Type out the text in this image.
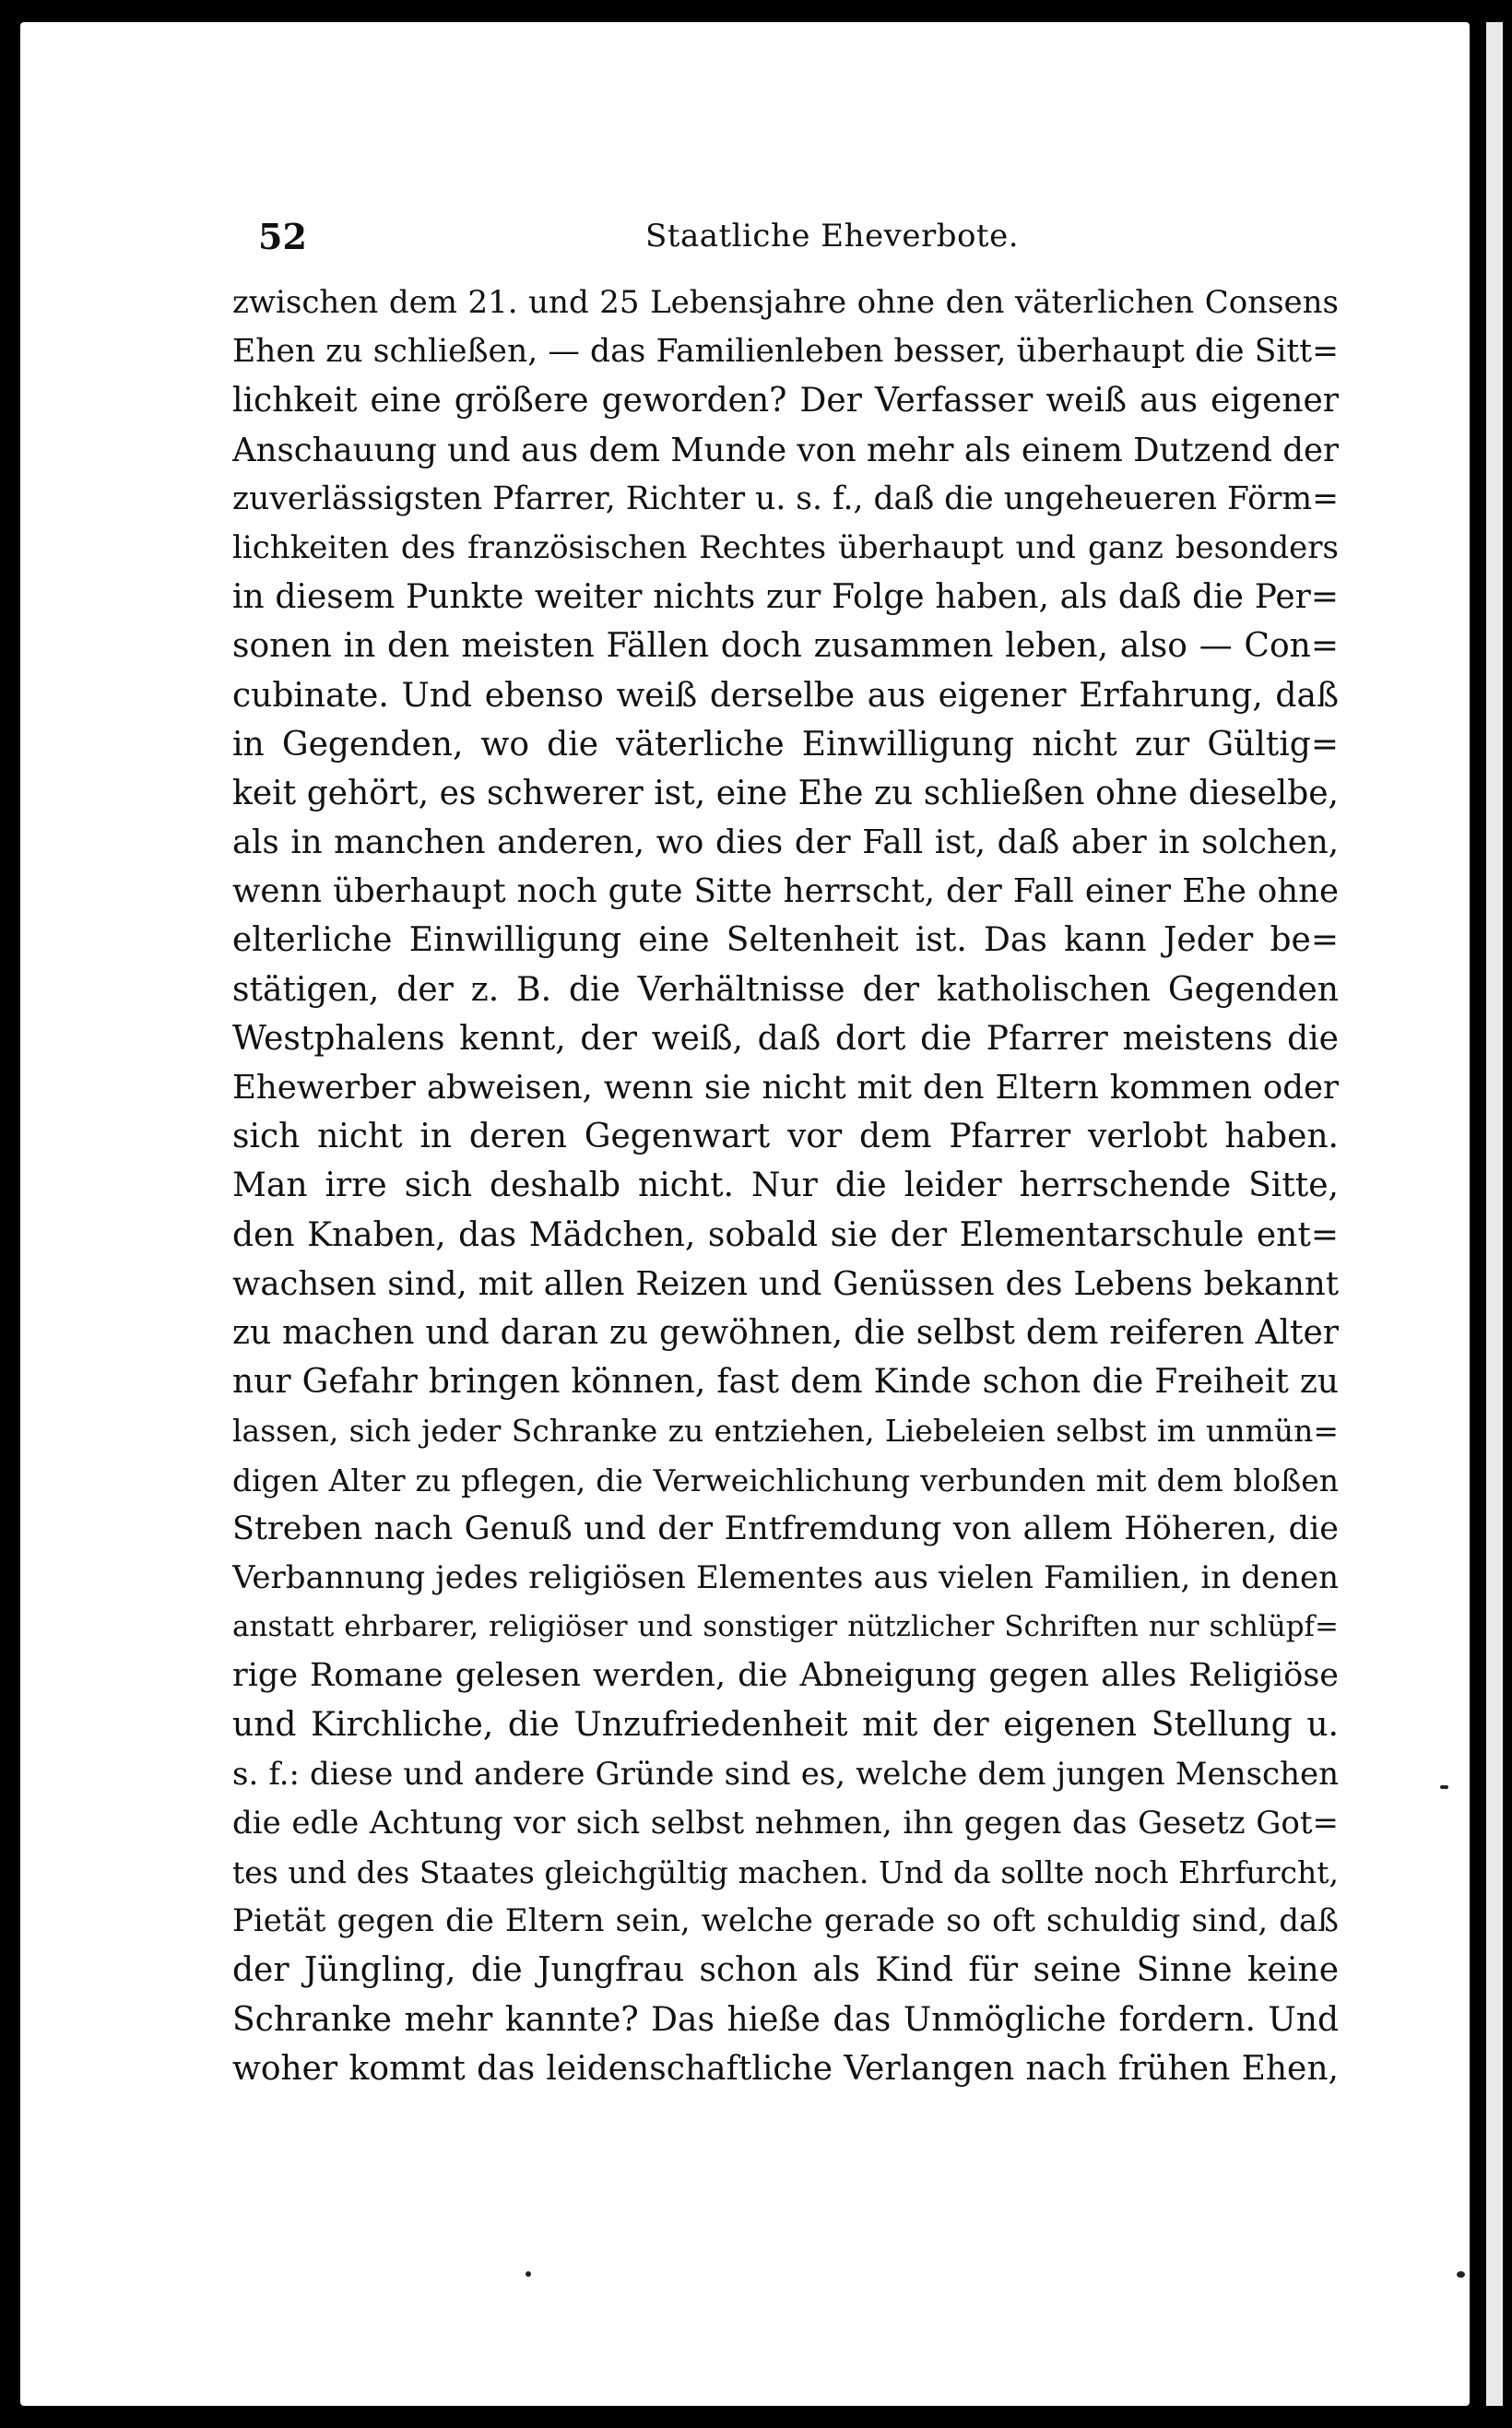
52	Staatliche Eheverbote.
zwischen dem 21. und 25 Lebensjahre ohne den väterlichen Consens
Ehen zu schließen, — das Familienleben besser, überhaupt die Sitt=
lichkeit eine größere geworden? Der Verfasser weiß aus eigener
Anschauung und aus dem Munde von mehr als einem Dutzend der
zuverlässigsten Pfarrer, Richter u. s. f., daß die ungeheueren Förm=
lichkeiten des französischen Rechtes überhaupt und ganz besonders
in diesem Punkte weiter nichts zur Folge haben, als daß die Per=
sonen in den meisten Fällen doch zusammen leben, also — Con=
cubinate. Und ebenso weiß derselbe aus eigener Erfahrung, daß
in Gegenden, wo die väterliche Einwilligung nicht zur Gültig=
keit gehört, es schwerer ist, eine Ehe zu schließen ohne dieselbe,
als in manchen anderen, wo dies der Fall ist, daß aber in solchen,
wenn überhaupt noch gute Sitte herrscht, der Fall einer Ehe ohne
elterliche Einwilligung eine Seltenheit ist. Das kann Jeder be=
stätigen, der z. B. die Verhältnisse der katholischen Gegenden
Westphalens kennt, der weiß, daß dort die Pfarrer meistens die
Ehewerber abweisen, wenn sie nicht mit den Eltern kommen oder
sich nicht in deren Gegenwart vor dem Pfarrer verlobt haben.
Man irre sich deshalb nicht. Nur die leider herrschende Sitte,
den Knaben, das Mädchen, sobald sie der Elementarschule ent=
wachsen sind, mit allen Reizen und Genüssen des Lebens bekannt
zu machen und daran zu gewöhnen, die selbst dem reiferen Alter
nur Gefahr bringen können, fast dem Kinde schon die Freiheit zu
lassen, sich jeder Schranke zu entziehen, Liebeleien selbst im unmün=
digen Alter zu pflegen, die Verweichlichung verbunden mit dem bloßen
Streben nach Genuß und der Entfremdung von allem Höheren, die
Verbannung jedes religiösen Elementes aus vielen Familien, in denen
anstatt ehrbarer, religiöser und sonstiger nützlicher Schriften nur schlüpf=
rige Romane gelesen werden, die Abneigung gegen alles Religiöse
und Kirchliche, die Unzufriedenheit mit der eigenen Stellung u.
s. f.: diese und andere Gründe sind es, welche dem jungen Menschen
die edle Achtung vor sich selbst nehmen, ihn gegen das Gesetz Got=
tes und des Staates gleichgültig machen. Und da sollte noch Ehrfurcht,
Pietät gegen die Eltern sein, welche gerade so oft schuldig sind, daß
der Jüngling, die Jungfrau schon als Kind für seine Sinne keine
Schranke mehr kannte? Das hieße das Unmögliche fordern. Und
woher kommt das leidenschaftliche Verlangen nach frühen Ehen,
